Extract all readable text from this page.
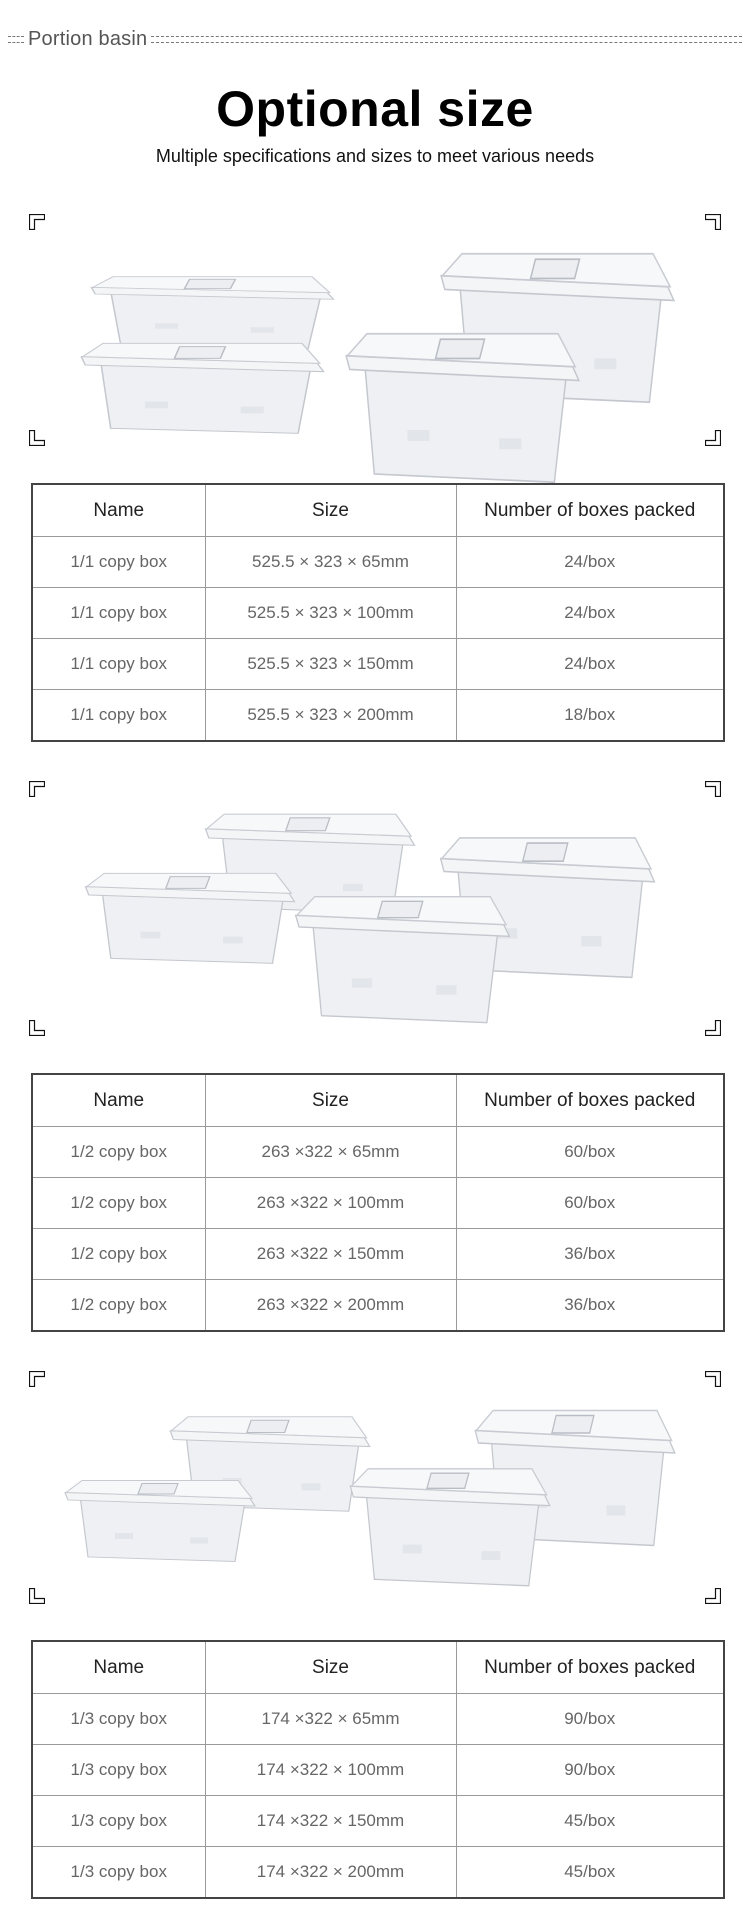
Portion basin
Optional size
Multiple specifications and sizes to meet various needs
Name	Size	Number of boxes packed
1/1 copy box	525.5 × 323 × 65mm	24/box
1/1 copy box	525.5 × 323 × 100mm	24/box
1/1 copy box	525.5 × 323 × 150mm	24/box
1/1 copy box	525.5 × 323 × 200mm	18/box
Name	Size	Number of boxes packed
1/2 copy box	263 ×322 × 65mm	60/box
1/2 copy box	263 ×322 × 100mm	60/box
1/2 copy box	263 ×322 × 150mm	36/box
1/2 copy box	263 ×322 × 200mm	36/box
Name	Size	Number of boxes packed
1/3 copy box	174 ×322 × 65mm	90/box
1/3 copy box	174 ×322 × 100mm	90/box
1/3 copy box	174 ×322 × 150mm	45/box
1/3 copy box	174 ×322 × 200mm	45/box
